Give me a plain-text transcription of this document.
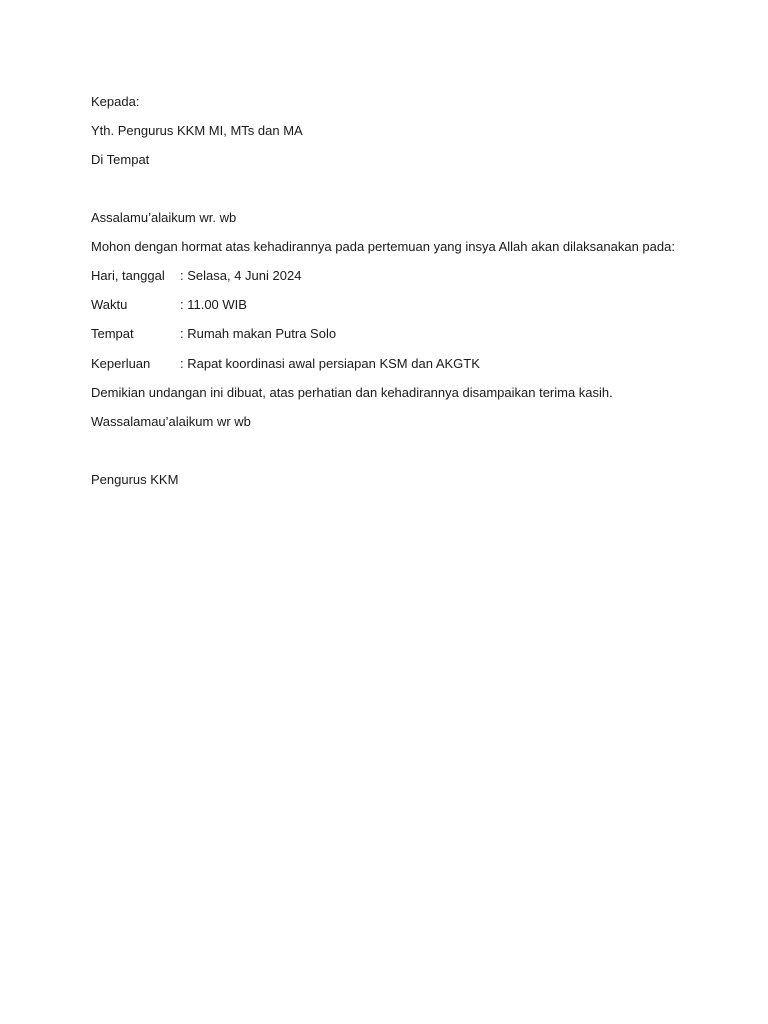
Kepada:
Yth. Pengurus KKM MI, MTs dan MA
Di Tempat
Assalamu’alaikum wr. wb
Mohon dengan hormat atas kehadirannya pada pertemuan yang insya Allah akan dilaksanakan pada:
Hari, tanggal : Selasa, 4 Juni 2024
Waktu	: 11.00 WIB
Tempat	: Rumah makan Putra Solo
Keperluan : Rapat koordinasi awal persiapan KSM dan AKGTK
Demikian undangan ini dibuat, atas perhatian dan kehadirannya disampaikan terima kasih.
Wassalamau’alaikum wr wb
Pengurus KKM
